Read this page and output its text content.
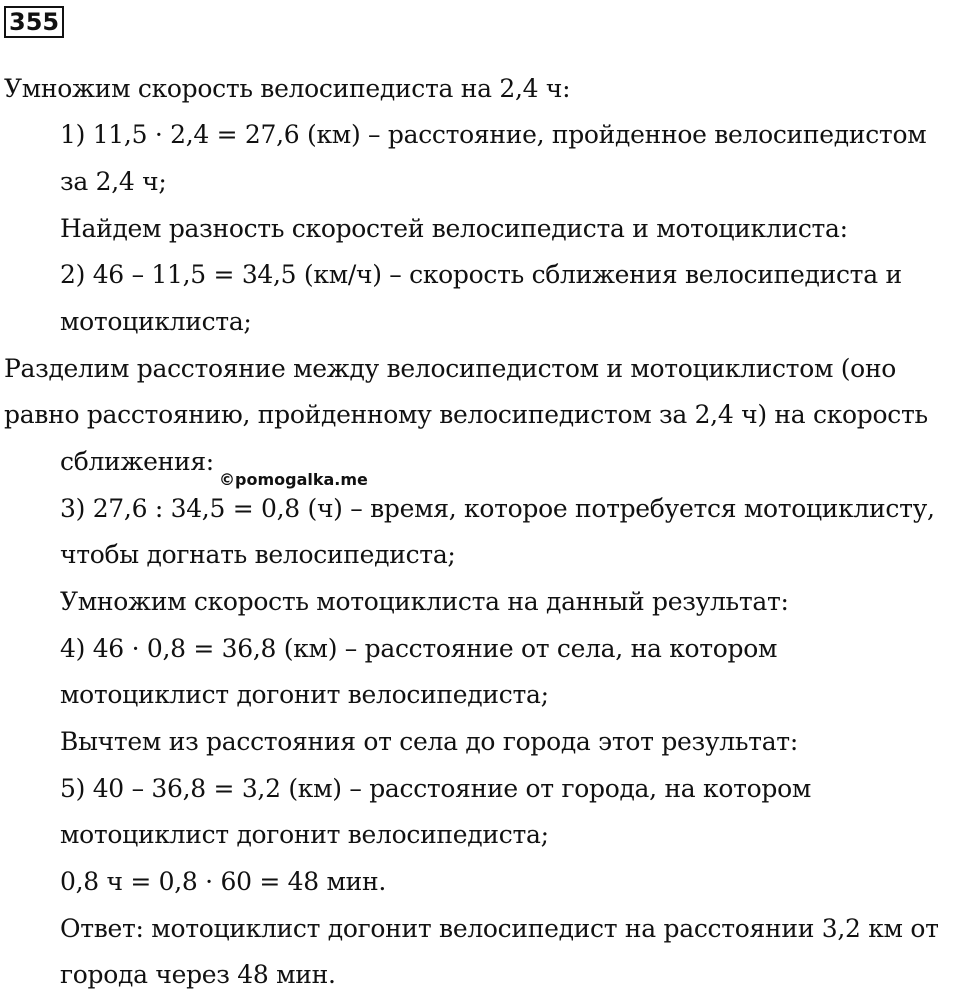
355
Умножим скорость велосипедиста на 2,4 ч:
1) 11,5 · 2,4 = 27,6 (км) – расстояние, пройденное велосипедистом
за 2,4 ч;
Найдем разность скоростей велосипедиста и мотоциклиста:
2) 46 – 11,5 = 34,5 (км/ч) – скорость сближения велосипедиста и
мотоциклиста;
Разделим расстояние между велосипедистом и мотоциклистом (оно
равно расстоянию, пройденному велосипедистом за 2,4 ч) на скорость
сближения:
3) 27,6 : 34,5 = 0,8 (ч) – время, которое потребуется мотоциклисту,
чтобы догнать велосипедиста;
Умножим скорость мотоциклиста на данный результат:
4) 46 · 0,8 = 36,8 (км) – расстояние от села, на котором
мотоциклист догонит велосипедиста;
Вычтем из расстояния от села до города этот результат:
5) 40 – 36,8 = 3,2 (км) – расстояние от города, на котором
мотоциклист догонит велосипедиста;
0,8 ч = 0,8 · 60 = 48 мин.
Ответ: мотоциклист догонит велосипедист на расстоянии 3,2 км от
города через 48 мин.
©pomogalka.me
